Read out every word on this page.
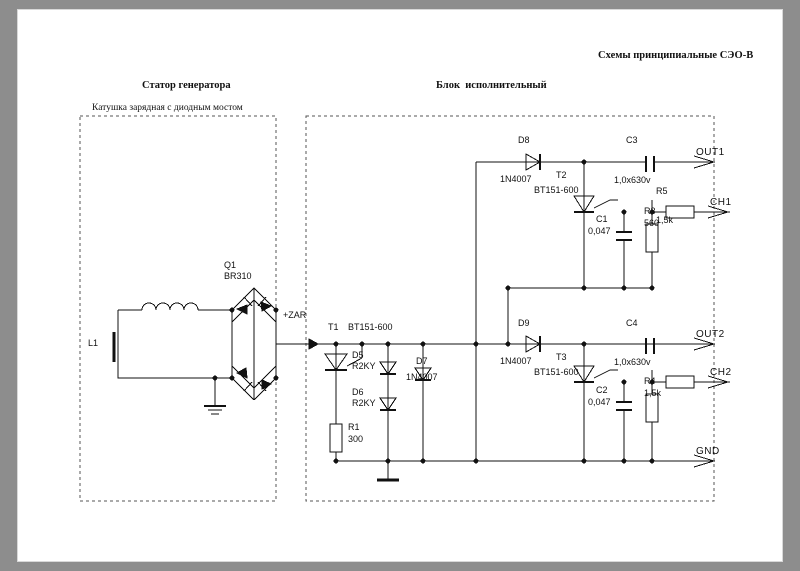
Схемы принципиальные СЭО-В
Статор генератора
Катушка зарядная с диодным мостом
Блок  исполнительный
L1
Q1
BR310
+ZAR
T1 BT151-600
D5
R2KY
D6
R2KY
D7
1N4007
R1
300
D8
1N4007	T2
BT151-600
C3
1,0x630v
C1
0,047
R3
560
R5
1,5k
D9
1N4007	T3
BT151-600
C4
1,0x630v
C2
0,047
R4
1,5k
OUT1
CH1
OUT2
CH2
GND
